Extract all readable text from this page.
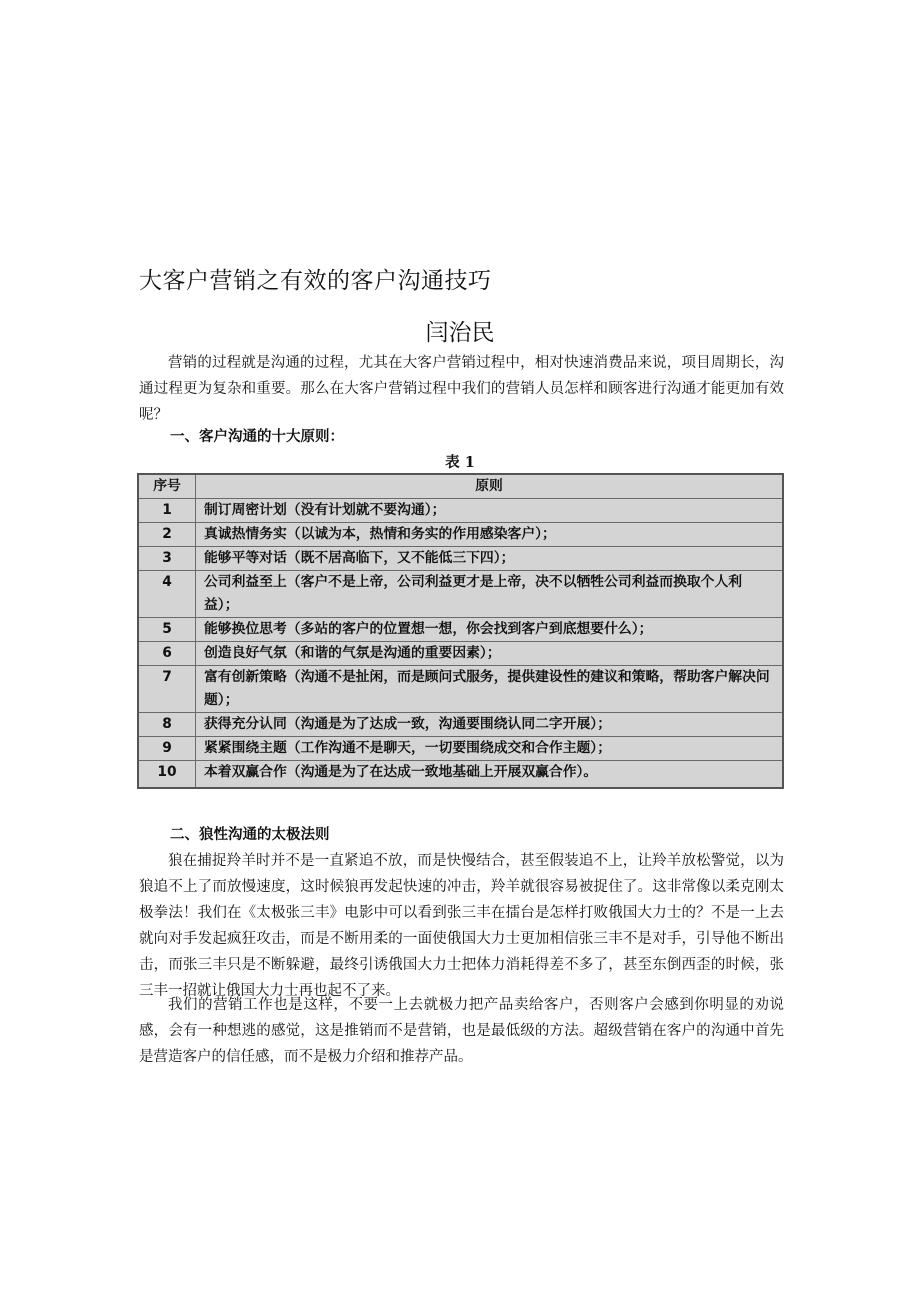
大客户营销之有效的客户沟通技巧
闫治民

营销的过程就是沟通的过程，尤其在大客户营销过程中，相对快速消费品来说，项目周期长，沟通过程更为复杂和重要。那么在大客户营销过程中我们的营销人员怎样和顾客进行沟通才能更加有效呢？

一、客户沟通的十大原则：
表 1
序号	原则
1	制订周密计划（没有计划就不要沟通）；
2	真诚热情务实（以诚为本，热情和务实的作用感染客户）；
3	能够平等对话（既不居高临下，又不能低三下四）；
4	公司利益至上（客户不是上帝，公司利益更才是上帝，决不以牺牲公司利益而换取个人利益）；
5	能够换位思考（多站的客户的位置想一想，你会找到客户到底想要什么）；
6	创造良好气氛（和谐的气氛是沟通的重要因素）；
7	富有创新策略（沟通不是扯闲，而是顾问式服务，提供建设性的建议和策略，帮助客户解决问题）；
8	获得充分认同（沟通是为了达成一致，沟通要围绕认同二字开展）；
9	紧紧围绕主题（工作沟通不是聊天，一切要围绕成交和合作主题）；
10	本着双赢合作（沟通是为了在达成一致地基础上开展双赢合作）。
二、狼性沟通的太极法则

狼在捕捉羚羊时并不是一直紧追不放，而是快慢结合，甚至假装追不上，让羚羊放松警觉，以为狼追不上了而放慢速度，这时候狼再发起快速的冲击，羚羊就很容易被捉住了。这非常像以柔克刚太极拳法！我们在《太极张三丰》电影中可以看到张三丰在擂台是怎样打败俄国大力士的？不是一上去就向对手发起疯狂攻击，而是不断用柔的一面使俄国大力士更加相信张三丰不是对手，引导他不断出击，而张三丰只是不断躲避，最终引诱俄国大力士把体力消耗得差不多了，甚至东倒西歪的时候，张三丰一招就让俄国大力士再也起不了来。

我们的营销工作也是这样，不要一上去就极力把产品卖给客户，否则客户会感到你明显的劝说感，会有一种想逃的感觉，这是推销而不是营销，也是最低级的方法。超级营销在客户的沟通中首先是营造客户的信任感，而不是极力介绍和推荐产品。
